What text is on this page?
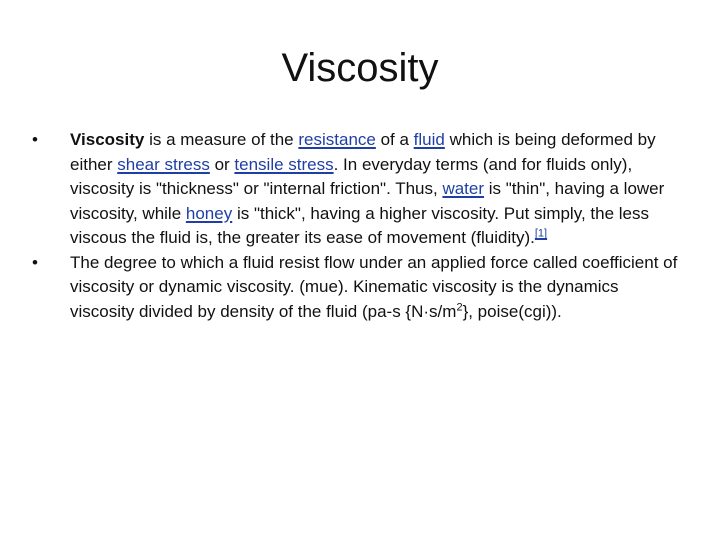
Viscosity
•	Viscosity is a measure of the resistance of a fluid which is being deformed by either shear stress or tensile stress. In everyday terms (and for fluids only), viscosity is "thickness" or "internal friction". Thus, water is "thin", having a lower viscosity, while honey is "thick", having a higher viscosity. Put simply, the less viscous the fluid is, the greater its ease of movement (fluidity).[1]
•	The degree to which a fluid resist flow under an applied force called coefficient of viscosity or dynamic viscosity. (mue). Kinematic viscosity is the dynamics viscosity divided by density of the fluid (pa-s $\{N\cdot s/m^2\}$, poise(cgi)).
